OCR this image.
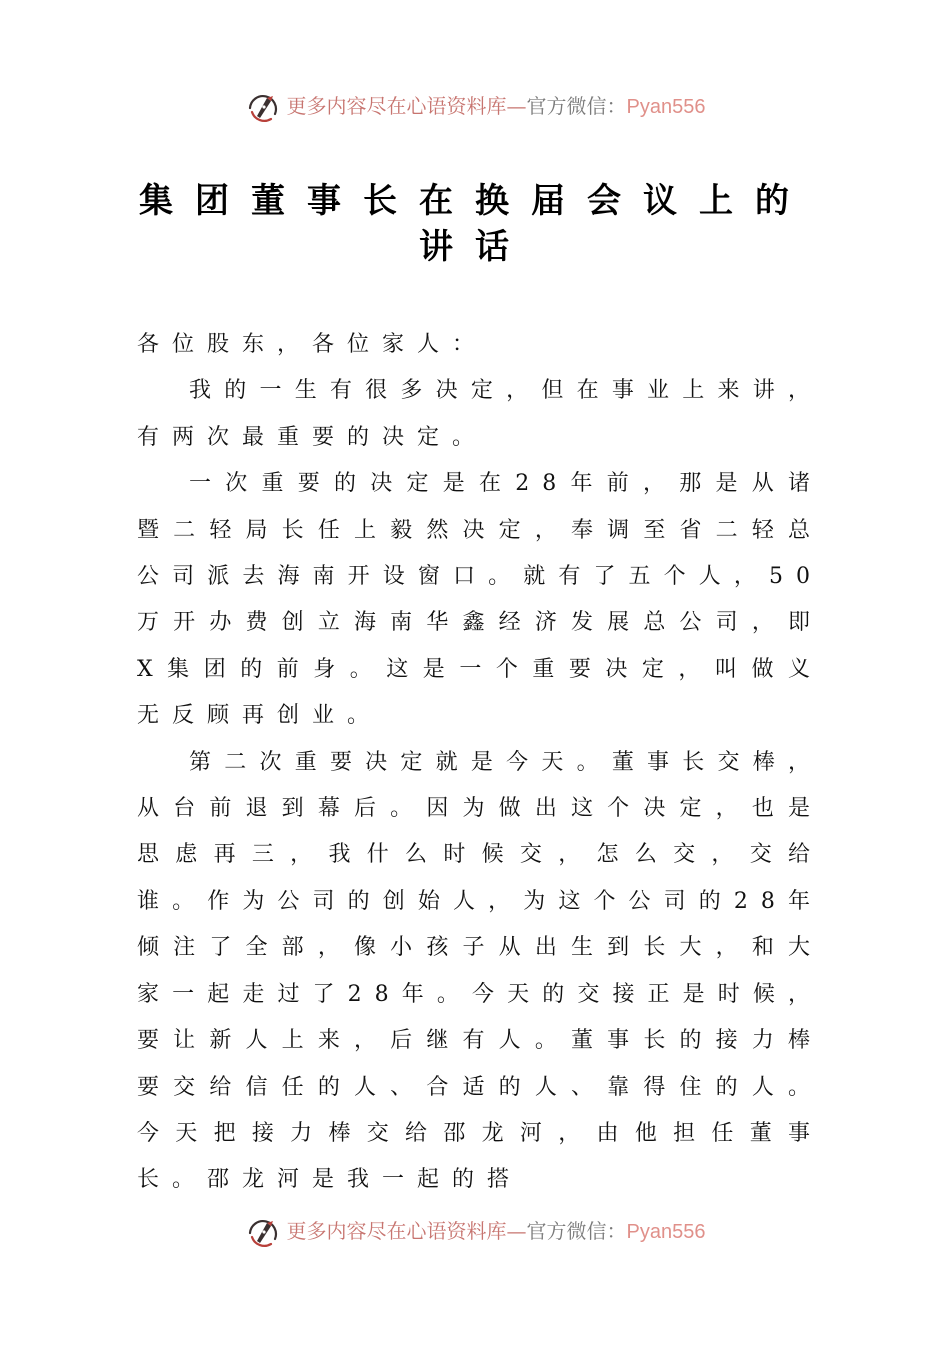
更多内容尽在心语资料库—官方微信：Pyan556
集团董事长在换届会议上的讲话

各位股东，各位家人：

我的一生有很多决定，但在事业上来讲，有两次最重要的决定。

一次重要的决定是在28年前，那是从诸暨二轻局长任上毅然决定，奉调至省二轻总公司派去海南开设窗口。就有了五个人，50万开办费创立海南华鑫经济发展总公司，即X集团的前身。这是一个重要决定，叫做义无反顾再创业。

第二次重要决定就是今天。董事长交棒，从台前退到幕后。因为做出这个决定，也是思虑再三，我什么时候交，怎么交，交给谁。作为公司的创始人，为这个公司的28年倾注了全部，像小孩子从出生到长大，和大家一起走过了28年。今天的交接正是时候，要让新人上来，后继有人。董事长的接力棒要交给信任的人、合适的人、靠得住的人。今天把接力棒交给邵龙河，由他担任董事长。邵龙河是我一起的搭

更多内容尽在心语资料库—官方微信：Pyan556
